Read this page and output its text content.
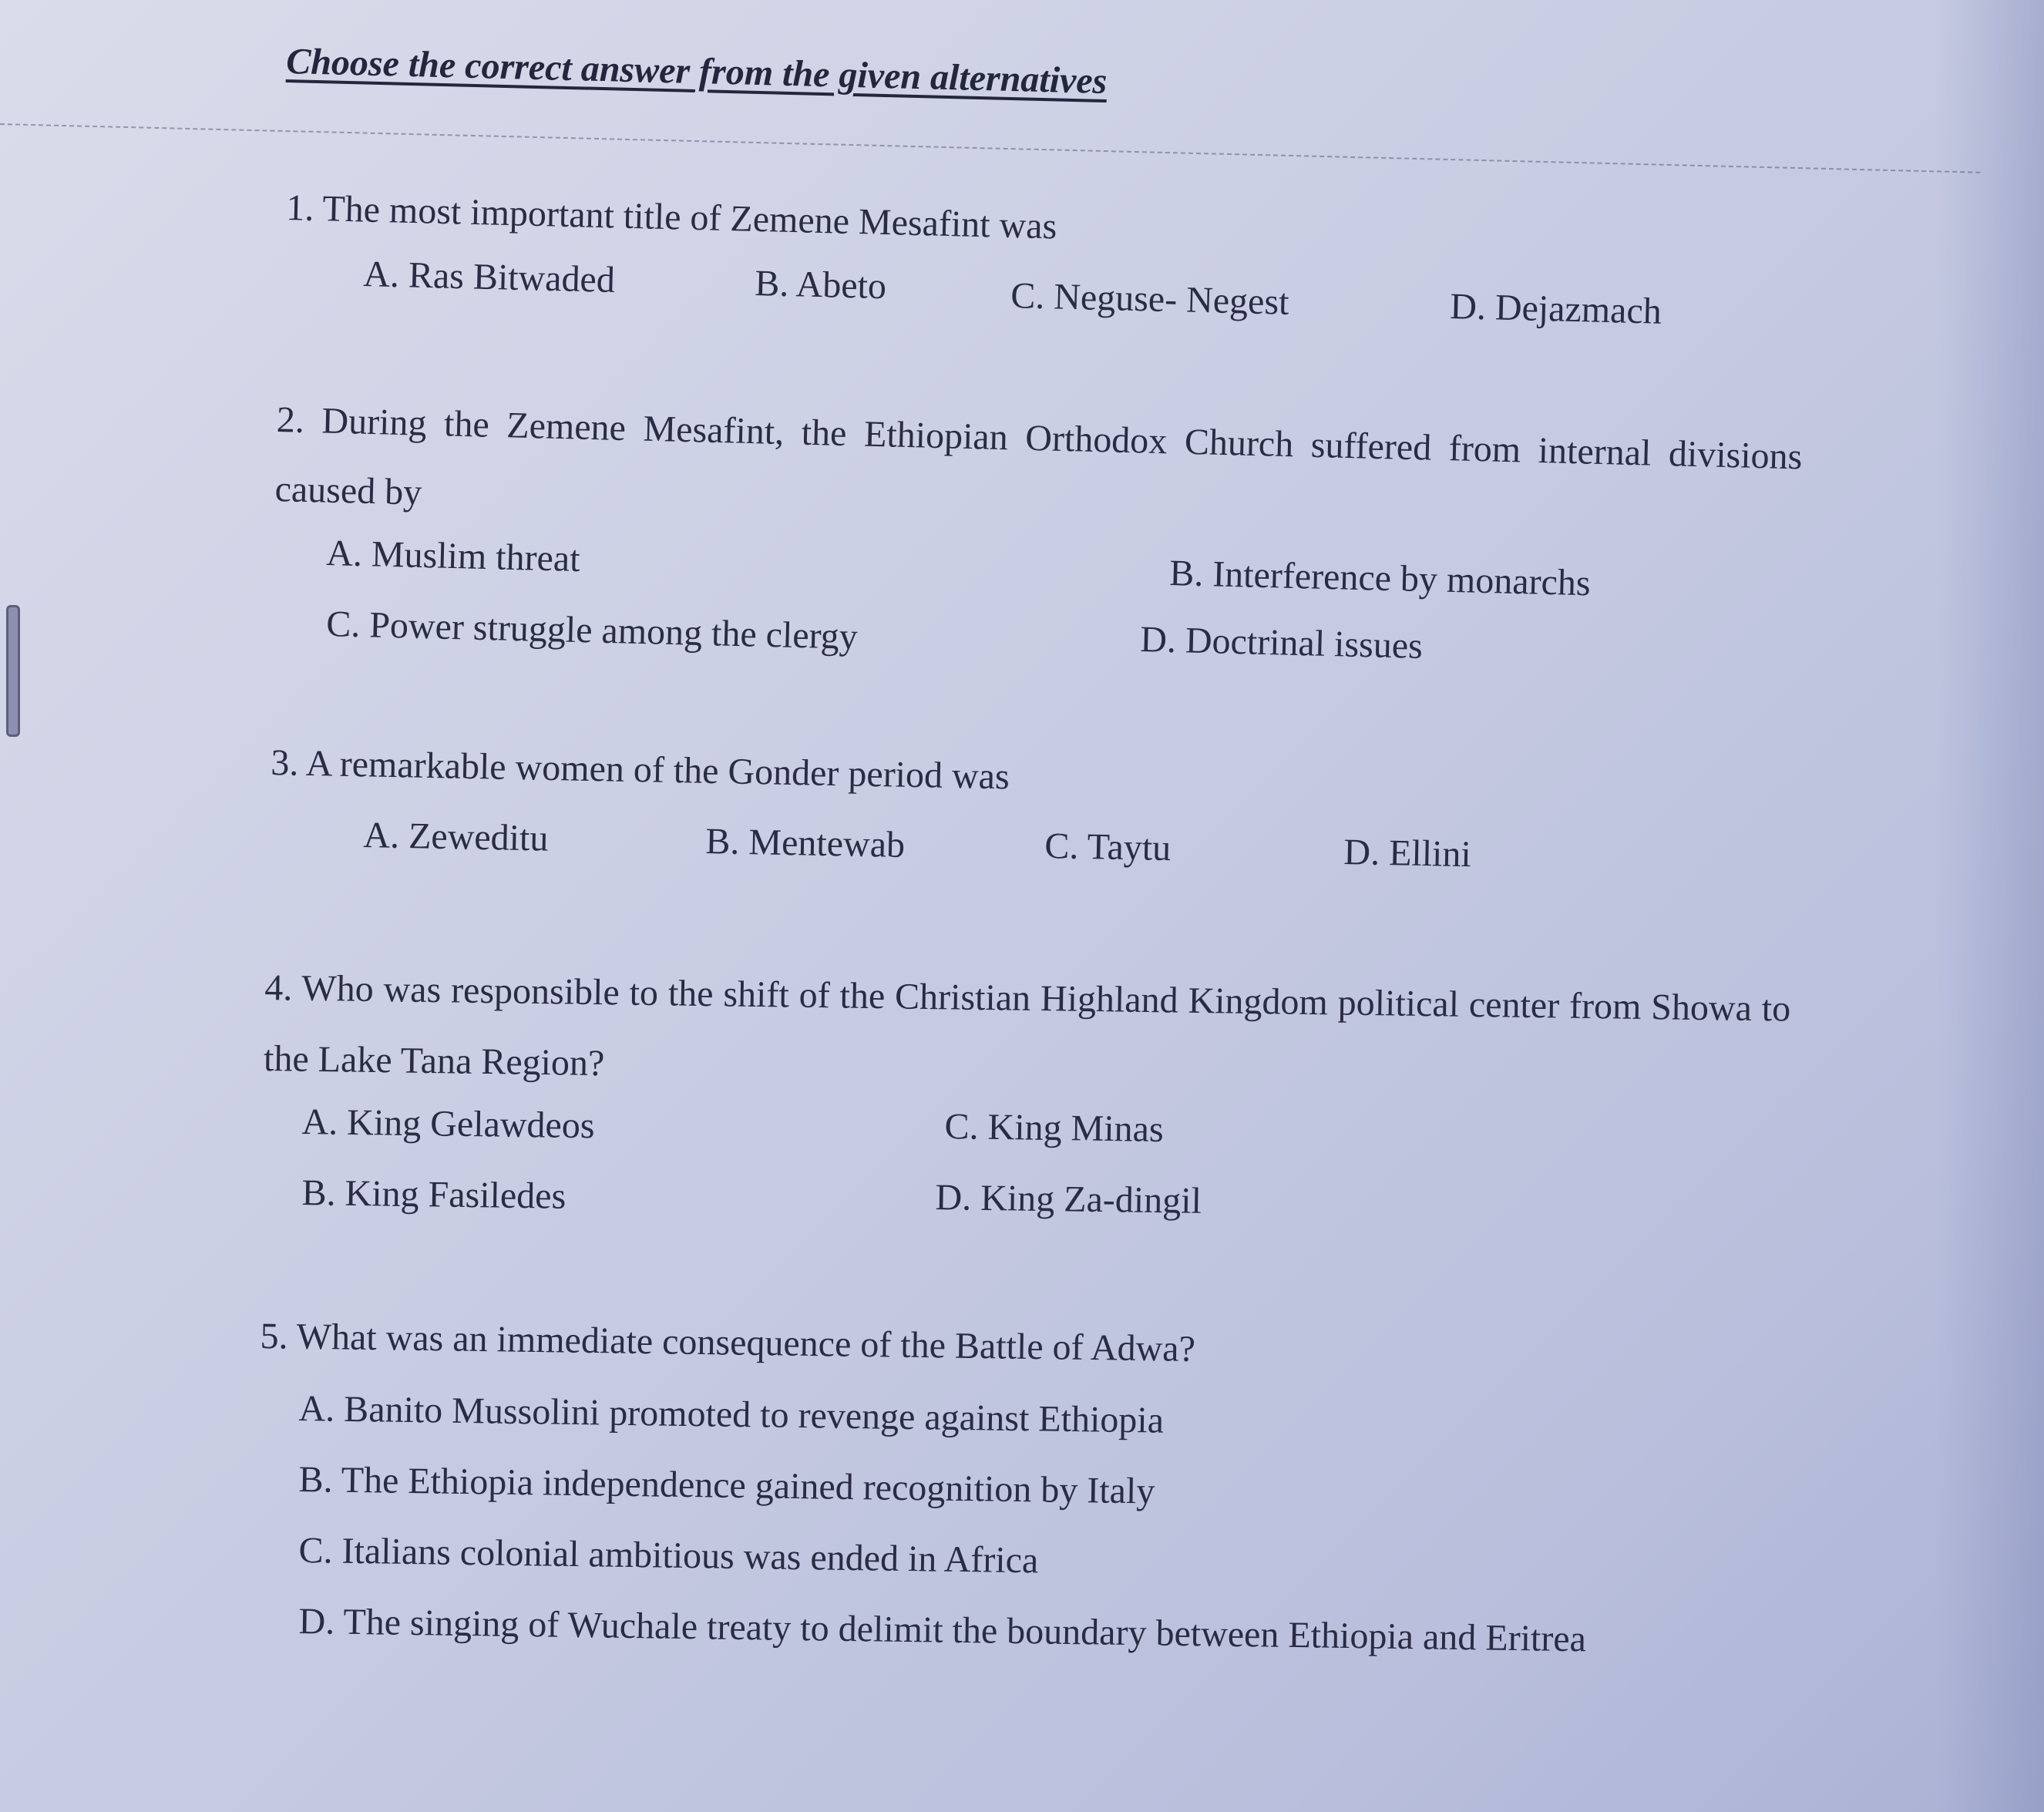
Choose the correct answer from the given alternatives
1. The most important title of Zemene Mesafint was
A. Ras Bitwaded	B. Abeto	C. Neguse- Negest	D. Dejazmach
2. During the Zemene Mesafint, the Ethiopian Orthodox Church suffered from internal divisions caused by
A. Muslim threat	B. Interference by monarchs
C. Power struggle among the clergy	D. Doctrinal issues
3. A remarkable women of the Gonder period was
A. Zeweditu	B. Mentewab	C. Taytu	D. Ellini
4. Who was responsible to the shift of the Christian Highland Kingdom political center from Showa to the Lake Tana Region?
A. King Gelawdeos	C. King Minas
B. King Fasiledes	D. King Za-dingil
5. What was an immediate consequence of the Battle of Adwa?
A. Banito Mussolini promoted to revenge against Ethiopia
B. The Ethiopia independence gained recognition by Italy
C. Italians colonial ambitious was ended in Africa
D. The singing of Wuchale treaty to delimit the boundary between Ethiopia and Eritrea
